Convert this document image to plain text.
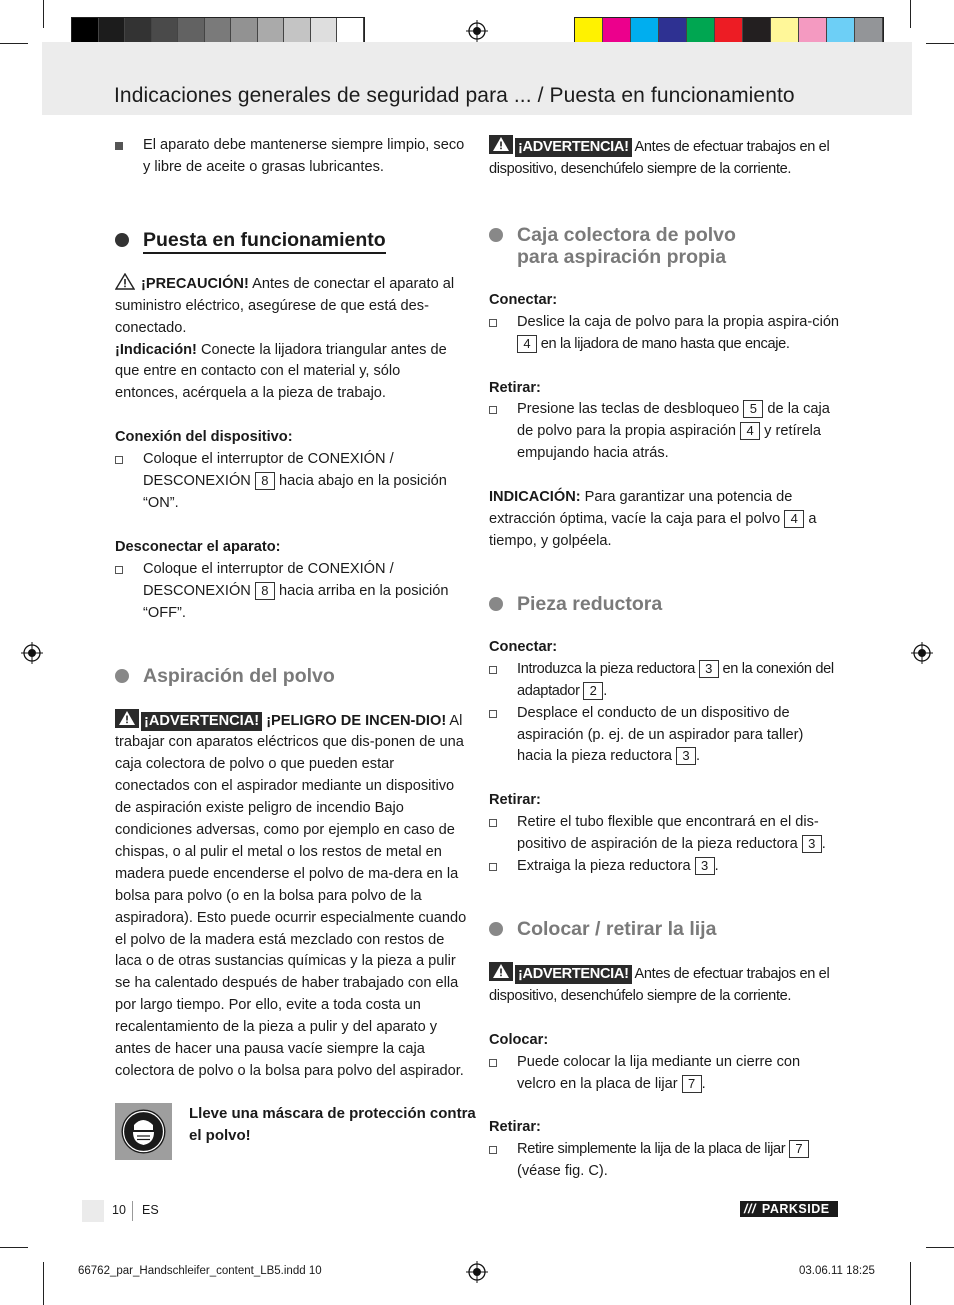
Indicaciones generales de seguridad para ... / Puesta en funcionamiento
El aparato debe mantenerse siempre limpio, seco y libre de aceite o grasas lubricantes.
Puesta en funcionamiento

¡PRECAUCIÓN! Antes de conectar el aparato al suministro eléctrico, asegúrese de que está des-conectado.

¡Indicación! Conecte la lijadora triangular antes de que entre en contacto con el material y, sólo entonces, acérquela a la pieza de trabajo.

Conexión del dispositivo:

Coloque el interruptor de CONEXIÓN / DESCONEXIÓN 8 hacia abajo en la posición “ON”.

Desconectar el aparato:

Coloque el interruptor de CONEXIÓN / DESCONEXIÓN 8 hacia arriba en la posición “OFF”.
Aspiración del polvo

¡ADVERTENCIA! ¡PELIGRO DE INCEN-DIO! Al trabajar con aparatos eléctricos que dis-ponen de una caja colectora de polvo o que pueden estar conectados con el aspirador mediante un dispositivo de aspiración existe peligro de incendio Bajo condiciones adversas, como por ejemplo en caso de chispas, o al pulir el metal o los restos de metal en madera puede encenderse el polvo de ma-dera en la bolsa para polvo (o en la bolsa para polvo de la aspiradora). Esto puede ocurrir especialmente cuando el polvo de la madera está mezclado con restos de laca o de otras sustancias químicas y la pieza a pulir se ha calentado después de haber trabajado con ella por largo tiempo. Por ello, evite a toda costa un recalentamiento de la pieza a pulir y del aparato y antes de hacer una pausa vacíe siempre la caja colectora de polvo o la bolsa para polvo del aspirador.

Lleve una máscara de protección contra el polvo!

¡ADVERTENCIA! Antes de efectuar trabajos en el dispositivo, desenchúfelo siempre de la corriente.

Caja colectora de polvo
para aspiración propia

Conectar:

Deslice la caja de polvo para la propia aspira-ción 4 en la lijadora de mano hasta que encaje.

Retirar:

Presione las teclas de desbloqueo 5 de la caja de polvo para la propia aspiración 4 y retírela empujando hacia atrás.

INDICACIÓN: Para garantizar una potencia de extracción óptima, vacíe la caja para el polvo 4 a tiempo, y golpéela.

Pieza reductora

Conectar:

Introduzca la pieza reductora 3 en la conexión del adaptador 2 .
Desplace el conducto de un dispositivo de aspiración (p. ej. de un aspirador para taller) hacia la pieza reductora 3 .

Retirar:

Retire el tubo flexible que encontrará en el dis-positivo de aspiración de la pieza reductora 3 .
Extraiga la pieza reductora 3 .
Colocar / retirar la lija

¡ADVERTENCIA! Antes de efectuar trabajos en el dispositivo, desenchúfelo siempre de la corriente.

Colocar:

Puede colocar la lija mediante un cierre con velcro en la placa de lijar 7 .

Retirar:

Retire simplemente la lija de la placa de lijar 7 (véase fig. C).
10 ES	/// PARKSIDE
66762_par_Handschleifer_content_LB5.indd 10	03.06.11 18:25
